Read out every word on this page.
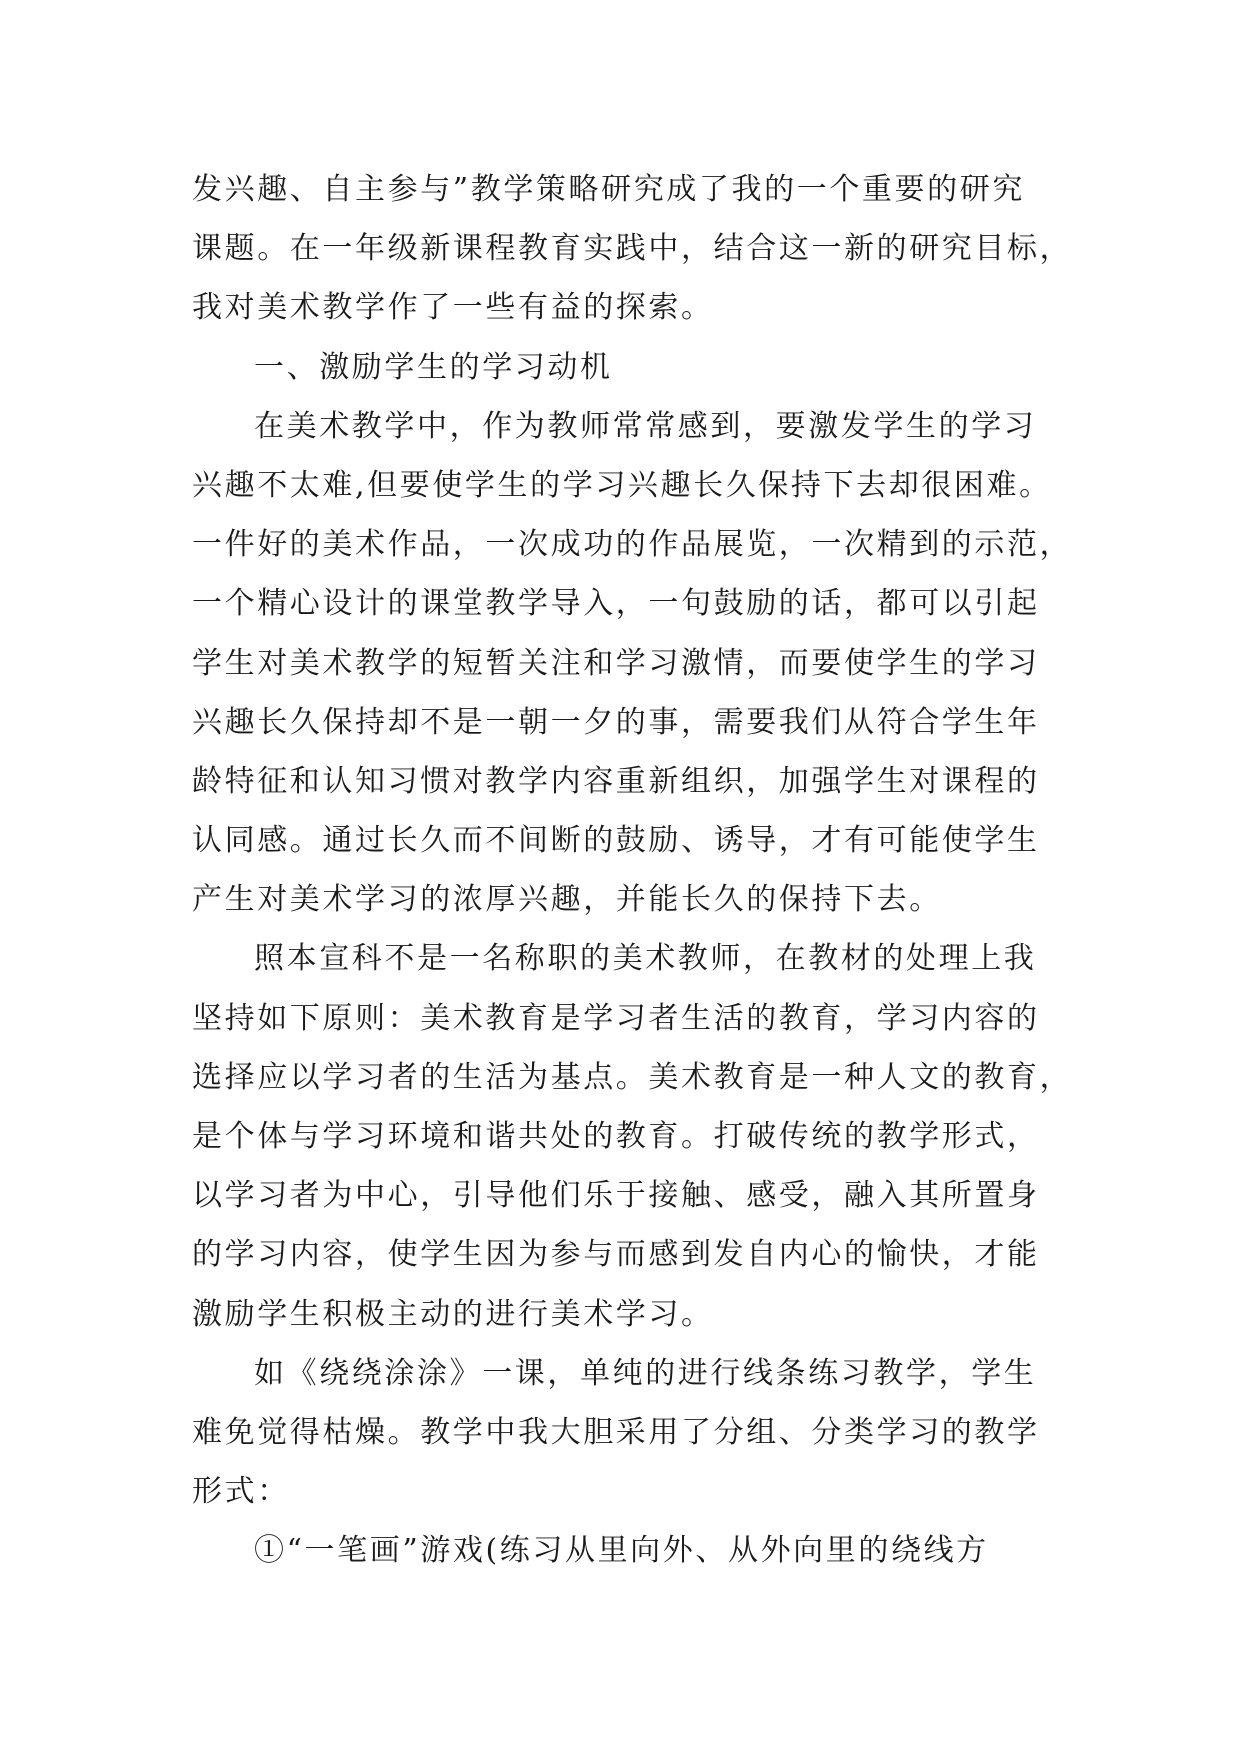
发兴趣、自主参与”教学策略研究成了我的一个重要的研究
课题。在一年级新课程教育实践中，结合这一新的研究目标，
我对美术教学作了一些有益的探索。
一、激励学生的学习动机
在美术教学中，作为教师常常感到，要激发学生的学习
兴趣不太难,但要使学生的学习兴趣长久保持下去却很困难。
一件好的美术作品，一次成功的作品展览，一次精到的示范，
一个精心设计的课堂教学导入，一句鼓励的话，都可以引起
学生对美术教学的短暂关注和学习激情，而要使学生的学习
兴趣长久保持却不是一朝一夕的事，需要我们从符合学生年
龄特征和认知习惯对教学内容重新组织，加强学生对课程的
认同感。通过长久而不间断的鼓励、诱导，才有可能使学生
产生对美术学习的浓厚兴趣，并能长久的保持下去。
照本宣科不是一名称职的美术教师，在教材的处理上我
坚持如下原则：美术教育是学习者生活的教育，学习内容的
选择应以学习者的生活为基点。美术教育是一种人文的教育，
是个体与学习环境和谐共处的教育。打破传统的教学形式，
以学习者为中心，引导他们乐于接触、感受，融入其所置身
的学习内容，使学生因为参与而感到发自内心的愉快，才能
激励学生积极主动的进行美术学习。
如《绕绕涂涂》一课，单纯的进行线条练习教学，学生
难免觉得枯燥。教学中我大胆采用了分组、分类学习的教学
形式：
①“一笔画”游戏(练习从里向外、从外向里的绕线方
